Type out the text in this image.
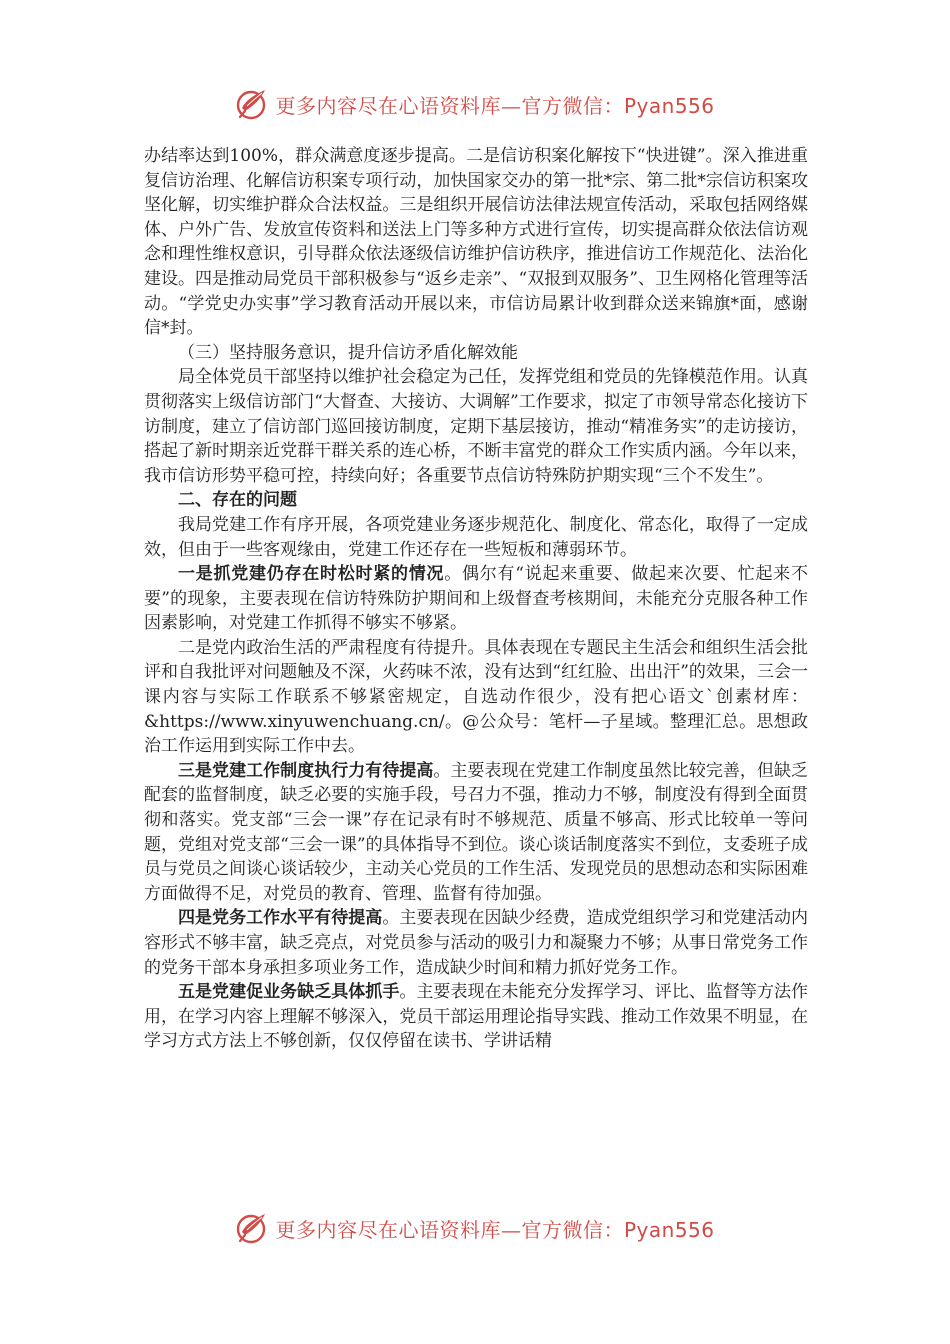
更多内容尽在心语资料库—官方微信：Pyan556

办结率达到100%，群众满意度逐步提高。二是信访积案化解按下“快进键”。深入推进重复信访治理、化解信访积案专项行动，加快国家交办的第一批*宗、第二批*宗信访积案攻坚化解，切实维护群众合法权益。三是组织开展信访法律法规宣传活动，采取包括网络媒体、户外广告、发放宣传资料和送法上门等多种方式进行宣传，切实提高群众依法信访观念和理性维权意识，引导群众依法逐级信访维护信访秩序，推进信访工作规范化、法治化建设。四是推动局党员干部积极参与“返乡走亲”、“双报到双服务”、卫生网格化管理等活动。“学党史办实事”学习教育活动开展以来，市信访局累计收到群众送来锦旗*面，感谢信*封。

（三）坚持服务意识，提升信访矛盾化解效能

局全体党员干部坚持以维护社会稳定为己任，发挥党组和党员的先锋模范作用。认真贯彻落实上级信访部门“大督查、大接访、大调解”工作要求，拟定了市领导常态化接访下访制度，建立了信访部门巡回接访制度，定期下基层接访，推动“精准务实”的走访接访，搭起了新时期亲近党群干群关系的连心桥，不断丰富党的群众工作实质内涵。今年以来，我市信访形势平稳可控，持续向好；各重要节点信访特殊防护期实现“三个不发生”。

二、存在的问题

我局党建工作有序开展，各项党建业务逐步规范化、制度化、常态化，取得了一定成效，但由于一些客观缘由，党建工作还存在一些短板和薄弱环节。

一是抓党建仍存在时松时紧的情况。偶尔有“说起来重要、做起来次要、忙起来不要”的现象，主要表现在信访特殊防护期间和上级督查考核期间，未能充分克服各种工作因素影响，对党建工作抓得不够实不够紧。

二是党内政治生活的严肃程度有待提升。具体表现在专题民主生活会和组织生活会批评和自我批评对问题触及不深，火药味不浓，没有达到“红红脸、出出汗”的效果，三会一课内容与实际工作联系不够紧密规定，自选动作很少，没有把心语文`创素材库：&https://www.xinyuwenchuang.cn/。@公众号：笔杆—子星域。整理汇总。思想政治工作运用到实际工作中去。

三是党建工作制度执行力有待提高。主要表现在党建工作制度虽然比较完善，但缺乏配套的监督制度，缺乏必要的实施手段，号召力不强，推动力不够，制度没有得到全面贯彻和落实。党支部“三会一课”存在记录有时不够规范、质量不够高、形式比较单一等问题，党组对党支部“三会一课”的具体指导不到位。谈心谈话制度落实不到位，支委班子成员与党员之间谈心谈话较少，主动关心党员的工作生活、发现党员的思想动态和实际困难方面做得不足，对党员的教育、管理、监督有待加强。

四是党务工作水平有待提高。主要表现在因缺少经费，造成党组织学习和党建活动内容形式不够丰富，缺乏亮点，对党员参与活动的吸引力和凝聚力不够；从事日常党务工作的党务干部本身承担多项业务工作，造成缺少时间和精力抓好党务工作。

五是党建促业务缺乏具体抓手。主要表现在未能充分发挥学习、评比、监督等方法作用，在学习内容上理解不够深入，党员干部运用理论指导实践、推动工作效果不明显，在学习方式方法上不够创新，仅仅停留在读书、学讲话精

更多内容尽在心语资料库—官方微信：Pyan556
